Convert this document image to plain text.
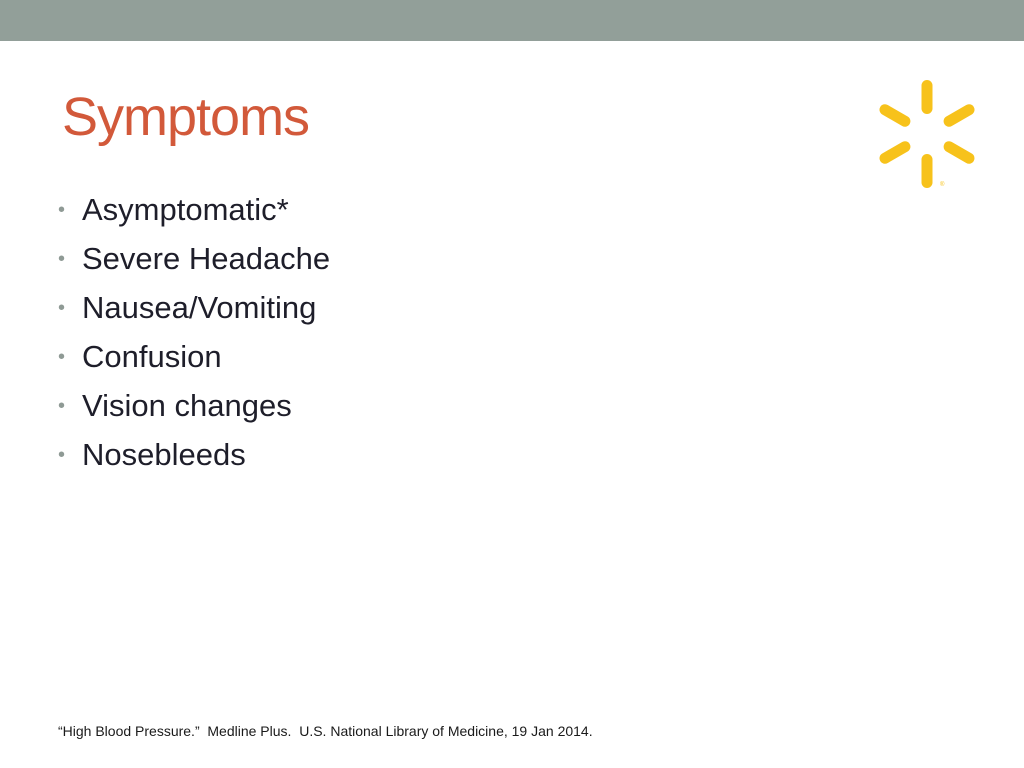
Symptoms
®
• Asymptomatic*
• Severe Headache
• Nausea/Vomiting
• Confusion
• Vision changes
• Nosebleeds
“High Blood Pressure.”  Medline Plus.  U.S. National Library of Medicine, 19 Jan 2014.
